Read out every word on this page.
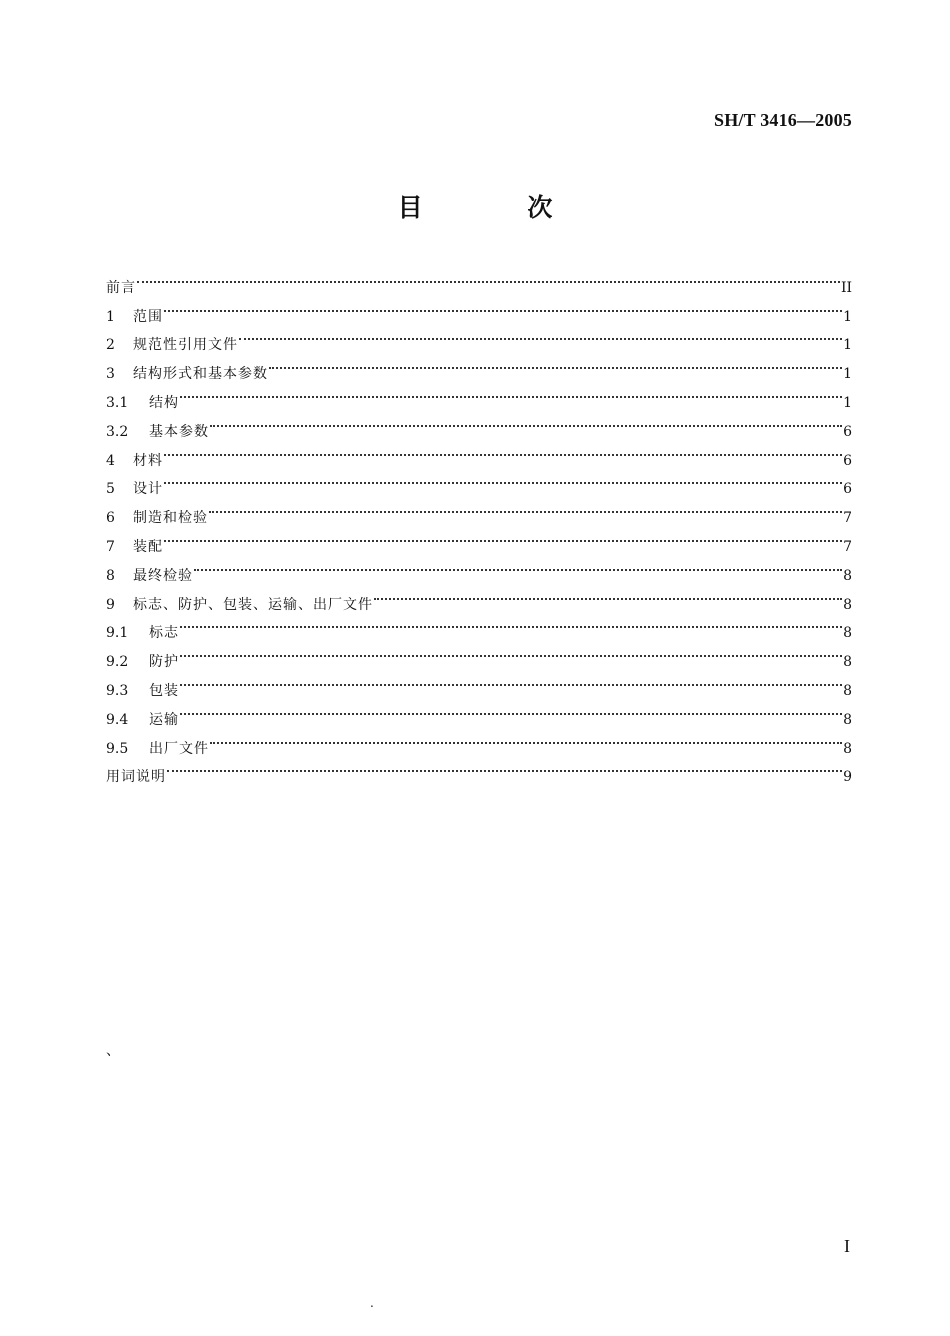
SH/T 3416—2005
目 次
前言	II
1	范围	1
2	规范性引用文件	1
3	结构形式和基本参数	1
3.1	结构	1
3.2	基本参数	6
4	材料	6
5	设计	6
6	制造和检验	7
7	装配	7
8	最终检验	8
9	标志、防护、包装、运输、出厂文件	8
9.1	标志	8
9.2	防护	8
9.3	包装	8
9.4	运输	8
9.5	出厂文件	8
用词说明	9
、
I
.
